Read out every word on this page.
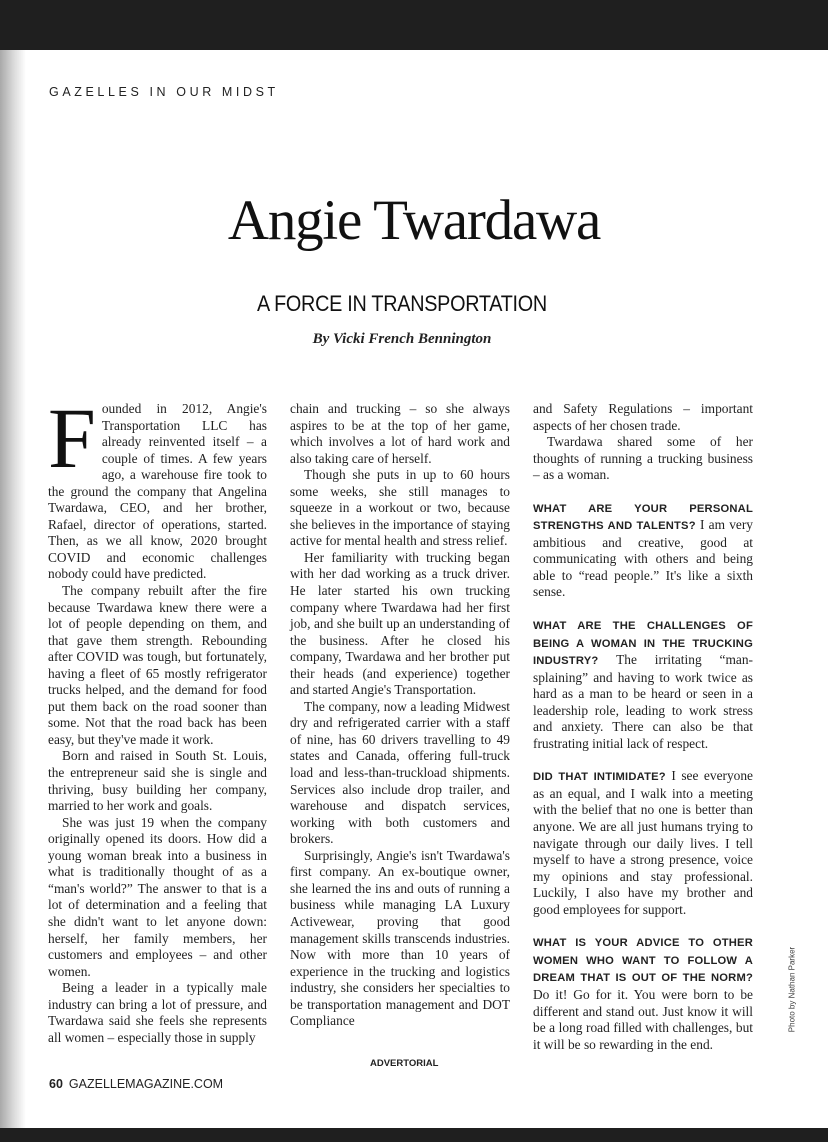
GAZELLES IN OUR MIDST

Angie Twardawa

A FORCE IN TRANSPORTATION

By Vicki French Bennington

Founded in 2012, Angie's Transportation LLC has already reinvented itself – a couple of times. A few years ago, a warehouse fire took to the ground the company that Angelina Twardawa, CEO, and her brother, Rafael, director of operations, started. Then, as we all know, 2020 brought COVID and economic challenges nobody could have predicted.

The company rebuilt after the fire because Twardawa knew there were a lot of people depending on them, and that gave them strength. Rebounding after COVID was tough, but fortunately, having a fleet of 65 mostly refrigerator trucks helped, and the demand for food put them back on the road sooner than some. Not that the road back has been easy, but they've made it work.

Born and raised in South St. Louis, the entrepreneur said she is single and thriving, busy building her company, married to her work and goals.

She was just 19 when the company originally opened its doors. How did a young woman break into a business in what is traditionally thought of as a “man's world?” The answer to that is a lot of determination and a feeling that she didn't want to let anyone down: herself, her family members, her customers and employees – and other women.

Being a leader in a typically male industry can bring a lot of pressure, and Twardawa said she feels she represents all women – especially those in supply

chain and trucking – so she always aspires to be at the top of her game, which involves a lot of hard work and also taking care of herself.

Though she puts in up to 60 hours some weeks, she still manages to squeeze in a workout or two, because she believes in the importance of staying active for mental health and stress relief.

Her familiarity with trucking began with her dad working as a truck driver. He later started his own trucking company where Twardawa had her first job, and she built up an understanding of the business. After he closed his company, Twardawa and her brother put their heads (and experience) together and started Angie's Transportation.

The company, now a leading Midwest dry and refrigerated carrier with a staff of nine, has 60 drivers travelling to 49 states and Canada, offering full-truck load and less-than-truckload shipments. Services also include drop trailer, and warehouse and dispatch services, working with both customers and brokers.

Surprisingly, Angie's isn't Twardawa's first company. An ex-boutique owner, she learned the ins and outs of running a business while managing LA Luxury Activewear, proving that good management skills transcends industries. Now with more than 10 years of experience in the trucking and logistics industry, she considers her specialties to be transportation management and DOT Compliance

and Safety Regulations – important aspects of her chosen trade.

Twardawa shared some of her thoughts of running a trucking business – as a woman.

WHAT ARE YOUR PERSONAL STRENGTHS AND TALENTS? I am very ambitious and creative, good at communicating with others and being able to “read people.” It's like a sixth sense.

WHAT ARE THE CHALLENGES OF BEING A WOMAN IN THE TRUCKING INDUSTRY? The irritating “man-splaining” and having to work twice as hard as a man to be heard or seen in a leadership role, leading to work stress and anxiety. There can also be that frustrating initial lack of respect.

DID THAT INTIMIDATE? I see everyone as an equal, and I walk into a meeting with the belief that no one is better than anyone. We are all just humans trying to navigate through our daily lives. I tell myself to have a strong presence, voice my opinions and stay professional. Luckily, I also have my brother and good employees for support.

WHAT IS YOUR ADVICE TO OTHER WOMEN WHO WANT TO FOLLOW A DREAM THAT IS OUT OF THE NORM? Do it! Go for it. You were born to be different and stand out. Just know it will be a long road filled with challenges, but it will be so rewarding in the end.

Photo by Nathan Parker
ADVERTORIAL
60 GAZELLEMAGAZINE.COM
